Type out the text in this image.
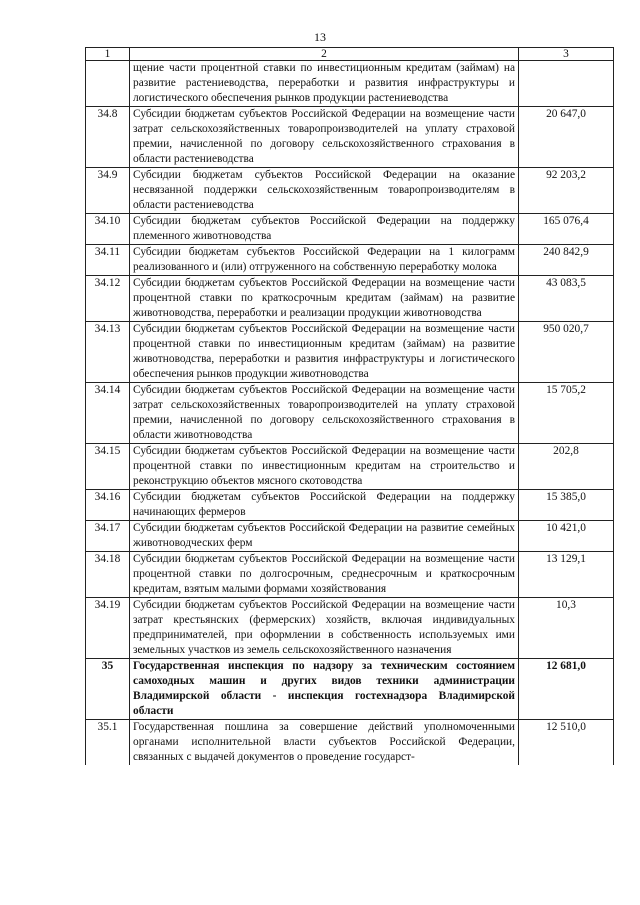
13
1	2	3
	щение части процентной ставки по инвестиционным кредитам (займам) на развитие растениеводства, переработки и развития инфраструктуры и логистического обеспечения рынков продукции растениеводства	
34.8	Субсидии бюджетам субъектов Российской Федерации на возмещение части затрат сельскохозяйственных товаропроизводителей на уплату страховой премии, начисленной по договору сельскохозяйственного страхования в области растениеводства	20 647,0
34.9	Субсидии бюджетам субъектов Российской Федерации на оказание несвязанной поддержки сельскохозяйственным товаропроизводителям в области растениеводства	92 203,2
34.10	Субсидии бюджетам субъектов Российской Федерации на поддержку племенного животноводства	165 076,4
34.11	Субсидии бюджетам субъектов Российской Федерации на 1 килограмм реализованного и (или) отгруженного на собственную переработку молока	240 842,9
34.12	Субсидии бюджетам субъектов Российской Федерации на возмещение части процентной ставки по краткосрочным кредитам (займам) на развитие животноводства, переработки и реализации продукции животноводства	43 083,5
34.13	Субсидии бюджетам субъектов Российской Федерации на возмещение части процентной ставки по инвестиционным кредитам (займам) на развитие животноводства, переработки и развития инфраструктуры и логистического обеспечения рынков продукции животноводства	950 020,7
34.14	Субсидии бюджетам субъектов Российской Федерации на возмещение части затрат сельскохозяйственных товаропроизводителей на уплату страховой премии, начисленной по договору сельскохозяйственного страхования в области животноводства	15 705,2
34.15	Субсидии бюджетам субъектов Российской Федерации на возмещение части процентной ставки по инвестиционным кредитам на строительство и реконструкцию объектов мясного скотоводства	202,8
34.16	Субсидии бюджетам субъектов Российской Федерации на поддержку начинающих фермеров	15 385,0
34.17	Субсидии бюджетам субъектов Российской Федерации на развитие семейных животноводческих ферм	10 421,0
34.18	Субсидии бюджетам субъектов Российской Федерации на возмещение части процентной ставки по долгосрочным, среднесрочным и краткосрочным кредитам, взятым малыми формами хозяйствования	13 129,1
34.19	Субсидии бюджетам субъектов Российской Федерации на возмещение части затрат крестьянских (фермерских) хозяйств, включая индивидуальных предпринимателей, при оформлении в собственность используемых ими земельных участков из земель сельскохозяйственного назначения	10,3
35	Государственная инспекция по надзору за техническим состоянием самоходных машин и других видов техники администрации Владимирской области - инспекция гостехнадзора Владимирской области	12 681,0
35.1	Государственная пошлина за совершение действий уполномоченными органами исполнительной власти субъектов Российской Федерации, связанных с выдачей документов о проведение государст-	12 510,0
